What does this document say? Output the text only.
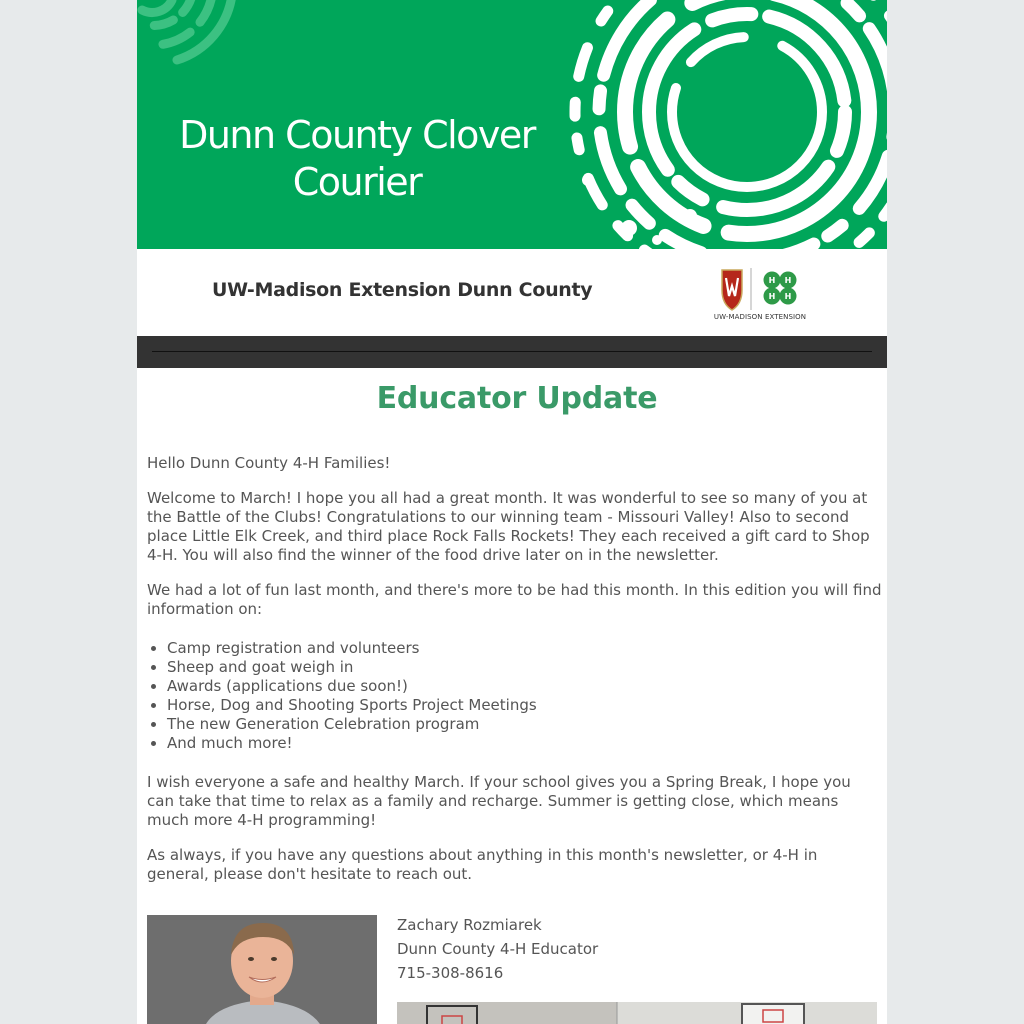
Dunn County Clover
Courier
UW-Madison Extension Dunn County	H H
H H
UW-MADISON EXTENSION
Educator Update

Hello Dunn County 4-H Families!

Welcome to March! I hope you all had a great month. It was wonderful to see so many of you at the Battle of the Clubs! Congratulations to our winning team - Missouri Valley! Also to second place Little Elk Creek, and third place Rock Falls Rockets! They each received a gift card to Shop 4-H. You will also find the winner of the food drive later on in the newsletter.

We had a lot of fun last month, and there's more to be had this month. In this edition you will find information on:

• Camp registration and volunteers
• Sheep and goat weigh in
• Awards (applications due soon!)
• Horse, Dog and Shooting Sports Project Meetings
• The new Generation Celebration program
• And much more!

I wish everyone a safe and healthy March. If your school gives you a Spring Break, I hope you can take that time to relax as a family and recharge. Summer is getting close, which means much more 4-H programming!

As always, if you have any questions about anything in this month's newsletter, or 4-H in general, please don't hesitate to reach out.

Zachary Rozmiarek
Dunn County 4-H Educator
715-308-8616
